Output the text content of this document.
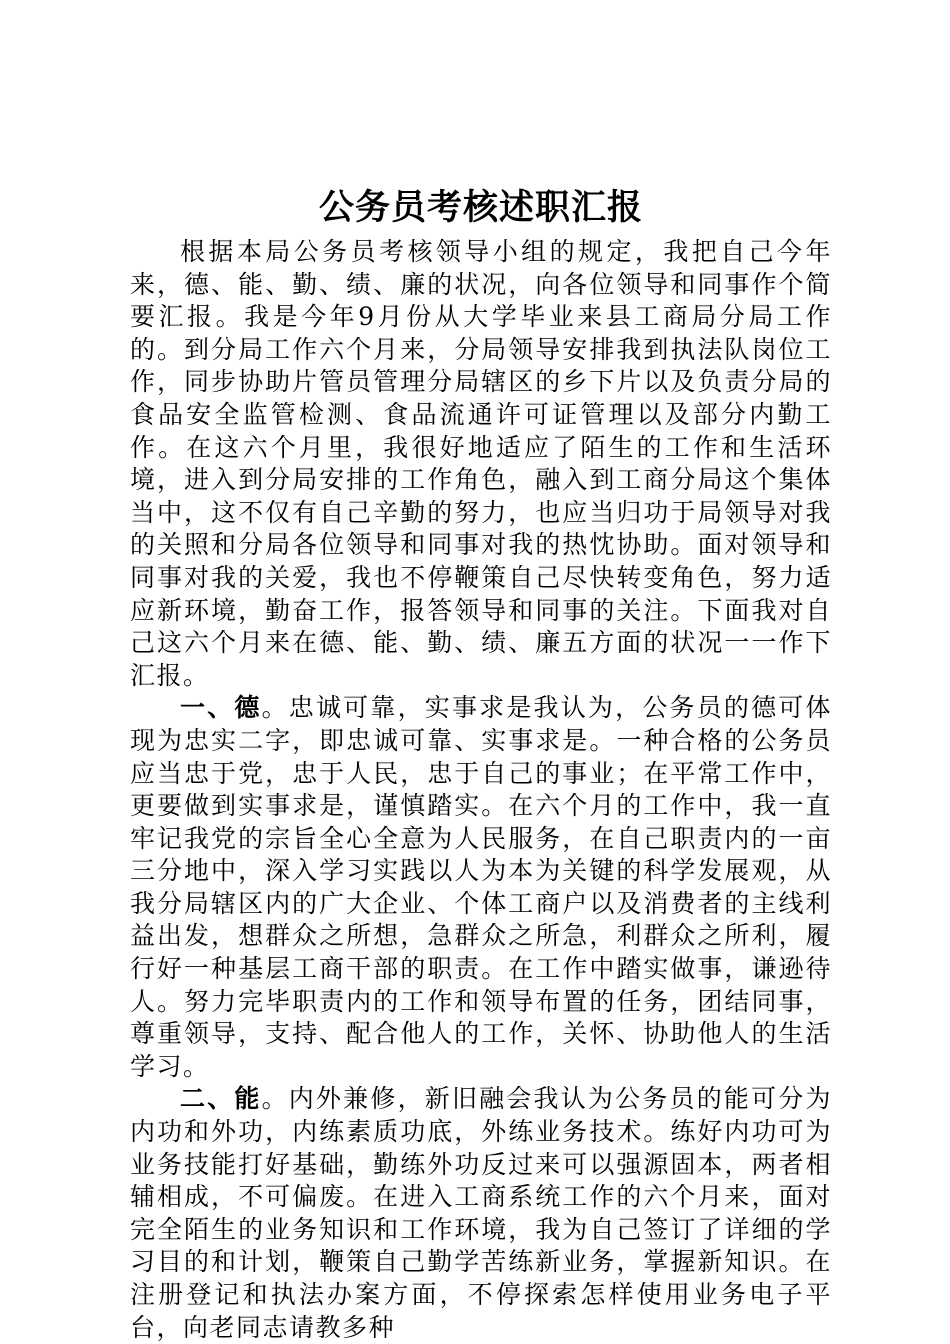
公务员考核述职汇报

根据本局公务员考核领导小组的规定，我把自己今年来，德、能、勤、绩、廉的状况，向各位领导和同事作个简要汇报。我是今年9月份从大学毕业来县工商局分局工作的。到分局工作六个月来，分局领导安排我到执法队岗位工作，同步协助片管员管理分局辖区的乡下片以及负责分局的食品安全监管检测、食品流通许可证管理以及部分内勤工作。在这六个月里，我很好地适应了陌生的工作和生活环境，进入到分局安排的工作角色，融入到工商分局这个集体当中，这不仅有自己辛勤的努力，也应当归功于局领导对我的关照和分局各位领导和同事对我的热忱协助。面对领导和同事对我的关爱，我也不停鞭策自己尽快转变角色，努力适应新环境，勤奋工作，报答领导和同事的关注。下面我对自己这六个月来在德、能、勤、绩、廉五方面的状况一一作下汇报。

一、德。忠诚可靠，实事求是我认为，公务员的德可体现为忠实二字，即忠诚可靠、实事求是。一种合格的公务员应当忠于党，忠于人民，忠于自己的事业；在平常工作中，更要做到实事求是，谨慎踏实。在六个月的工作中，我一直牢记我党的宗旨全心全意为人民服务，在自己职责内的一亩三分地中，深入学习实践以人为本为关键的科学发展观，从我分局辖区内的广大企业、个体工商户以及消费者的主线利益出发，想群众之所想，急群众之所急，利群众之所利，履行好一种基层工商干部的职责。在工作中踏实做事，谦逊待人。努力完毕职责内的工作和领导布置的任务，团结同事，尊重领导，支持、配合他人的工作，关怀、协助他人的生活学习。

二、能。内外兼修，新旧融会我认为公务员的能可分为内功和外功，内练素质功底，外练业务技术。练好内功可为业务技能打好基础，勤练外功反过来可以强源固本，两者相辅相成，不可偏废。在进入工商系统工作的六个月来，面对完全陌生的业务知识和工作环境，我为自己签订了详细的学习目的和计划，鞭策自己勤学苦练新业务，掌握新知识。在注册登记和执法办案方面，不停探索怎样使用业务电子平台，向老同志请教多种
